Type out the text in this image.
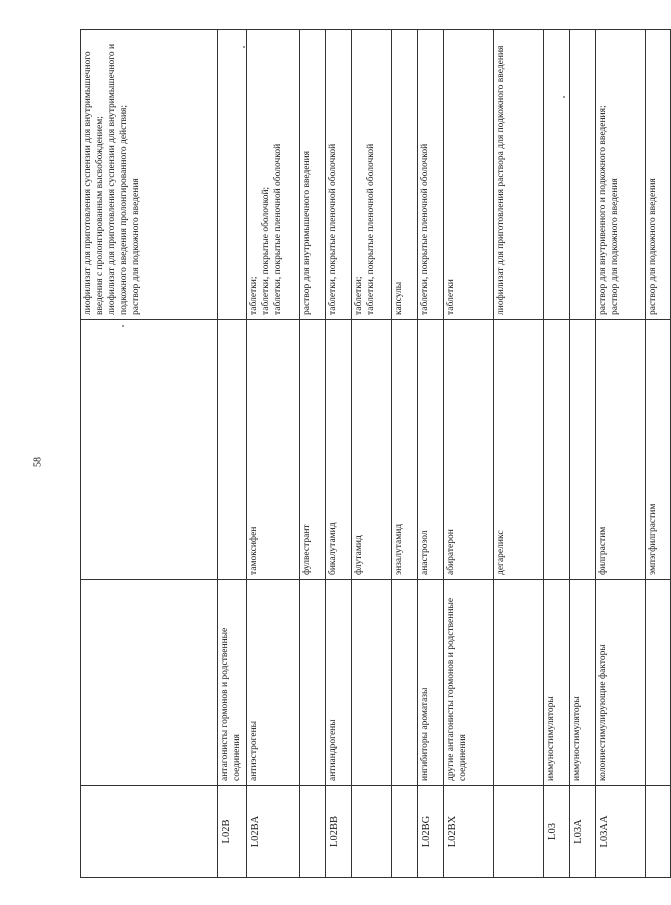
58

			лиофилизат для приготовления суспензии для внутримышечного введения с пролонгированным высвобождением; лиофилизат для приготовления суспензии для внутримышечного и подкожного введения пролонгированного действия; раствор для подкожного введения

L02B	антагонисты гормонов и родственные соединения		
L02BA	антиэстрогены	тамоксифен	таблетки; таблетки, покрытые оболочкой; таблетки, покрытые пленочной оболочкой

		фулвестрант	раствор для внутримышечного введения

L02BB	антиандрогены	бикалутамид	таблетки, покрытые пленочной оболочкой

		флутамид	таблетки; таблетки, покрытые пленочной оболочкой

		энзалутамид	капсулы

L02BG	ингибиторы ароматазы	анастрозол	таблетки, покрытые пленочной оболочкой

L02BX	другие антагонисты гормонов и родственные соединения	абиратерон	таблетки

		дегареликс	лиофилизат для приготовления раствора для подкожного введения

L03	иммуностимуляторы		
L03A	иммуностимуляторы		
L03AA	колониестимулирующие факторы	филграстим	раствор для внутривенного и подкожного введения; раствор для подкожного введения

		эмпэгфилграстим	раствор для подкожного введения
